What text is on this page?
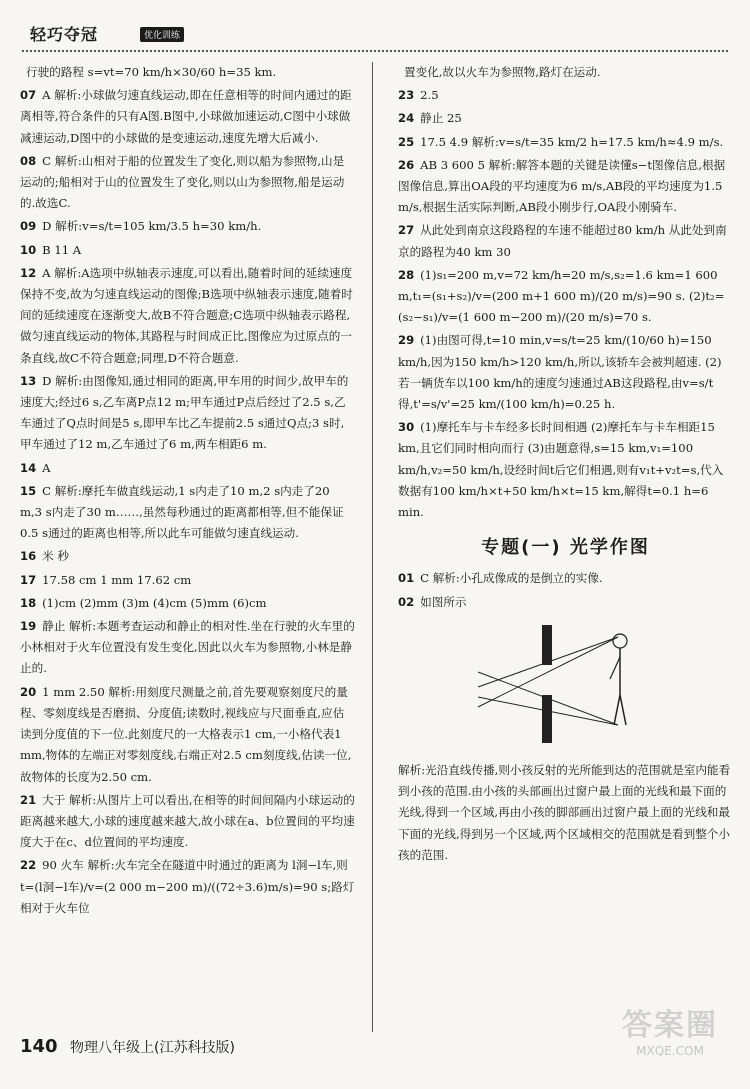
轻巧夺冠	优化训练
行驶的路程 s=vt=70 km/h×30/60 h=35 km.
07 A 解析:小球做匀速直线运动,即在任意相等的时间内通过的距离相等,符合条件的只有A图.B图中,小球做加速运动,C图中小球做减速运动,D图中的小球做的是变速运动,速度先增大后减小.
08 C 解析:山相对于船的位置发生了变化,则以船为参照物,山是运动的;船相对于山的位置发生了变化,则以山为参照物,船是运动的.故选C.
09 D 解析:v=s/t=105 km/3.5 h=30 km/h.
10 B 11 A
12 A 解析:A选项中纵轴表示速度,可以看出,随着时间的延续速度保持不变,故为匀速直线运动的图像;B选项中纵轴表示速度,随着时间的延续速度在逐渐变大,故B不符合题意;C选项中纵轴表示路程,做匀速直线运动的物体,其路程与时间成正比,图像应为过原点的一条直线,故C不符合题意;同理,D不符合题意.
13 D 解析:由图像知,通过相同的距离,甲车用的时间少,故甲车的速度大;经过6 s,乙车离P点12 m;甲车通过P点后经过了2.5 s,乙车通过了Q点时间是5 s,即甲车比乙车提前2.5 s通过Q点;3 s时,甲车通过了12 m,乙车通过了6 m,两车相距6 m.
14 A
15 C 解析:摩托车做直线运动,1 s内走了10 m,2 s内走了20 m,3 s内走了30 m……,虽然每秒通过的距离都相等,但不能保证0.5 s通过的距离也相等,所以此车可能做匀速直线运动.
16 米 秒
17 17.58 cm 1 mm 17.62 cm
18 (1)cm (2)mm (3)m (4)cm (5)mm (6)cm
19 静止 解析:本题考查运动和静止的相对性.坐在行驶的火车里的小林相对于火车位置没有发生变化,因此以火车为参照物,小林是静止的.
20 1 mm 2.50 解析:用刻度尺测量之前,首先要观察刻度尺的量程、零刻度线是否磨损、分度值;读数时,视线应与尺面垂直,应估读到分度值的下一位.此刻度尺的一大格表示1 cm,一小格代表1 mm,物体的左端正对零刻度线,右端正对2.5 cm刻度线,估读一位,故物体的长度为2.50 cm.
21 大于 解析:从图片上可以看出,在相等的时间间隔内小球运动的距离越来越大,小球的速度越来越大,故小球在a、b位置间的平均速度大于在c、d位置间的平均速度.
22 90 火车 解析:火车完全在隧道中时通过的距离为 l洞−l车,则 t=(l洞−l车)/v=(2 000 m−200 m)/((72÷3.6)m/s)=90 s;路灯相对于火车位
置变化,故以火车为参照物,路灯在运动.
23 2.5
24 静止 25
25 17.5 4.9 解析:v=s/t=35 km/2 h=17.5 km/h≈4.9 m/s.
26 AB 3 600 5 解析:解答本题的关键是读懂s−t图像信息,根据图像信息,算出OA段的平均速度为6 m/s,AB段的平均速度为1.5 m/s,根据生活实际判断,AB段小刚步行,OA段小刚骑车.
27 从此处到南京这段路程的车速不能超过80 km/h 从此处到南京的路程为40 km 30
28 (1)s₁=200 m,v=72 km/h=20 m/s,s₂=1.6 km=1 600 m,t₁=(s₁+s₂)/v=(200 m+1 600 m)/(20 m/s)=90 s. (2)t₂=(s₂−s₁)/v=(1 600 m−200 m)/(20 m/s)=70 s.
29 (1)由图可得,t=10 min,v=s/t=25 km/(10/60 h)=150 km/h,因为150 km/h>120 km/h,所以,该轿车会被判超速. (2)若一辆货车以100 km/h的速度匀速通过AB这段路程,由v=s/t得,t'=s/v'=25 km/(100 km/h)=0.25 h.
30 (1)摩托车与卡车经多长时间相遇 (2)摩托车与卡车相距15 km,且它们同时相向而行 (3)由题意得,s=15 km,v₁=100 km/h,v₂=50 km/h,设经时间t后它们相遇,则有v₁t+v₂t=s,代入数据有100 km/h×t+50 km/h×t=15 km,解得t=0.1 h=6 min.
专题(一) 光学作图
01 C 解析:小孔成像成的是倒立的实像.
02 如图所示
解析:光沿直线传播,则小孩反射的光所能到达的范围就是室内能看到小孩的范围.由小孩的头部画出过窗户最上面的光线和最下面的光线,得到一个区域,再由小孩的脚部画出过窗户最上面的光线和最下面的光线,得到另一个区域,两个区域相交的范围就是看到整个小孩的范围.
140 物理八年级上(江苏科技版)
答案圈
MXQE.COM
